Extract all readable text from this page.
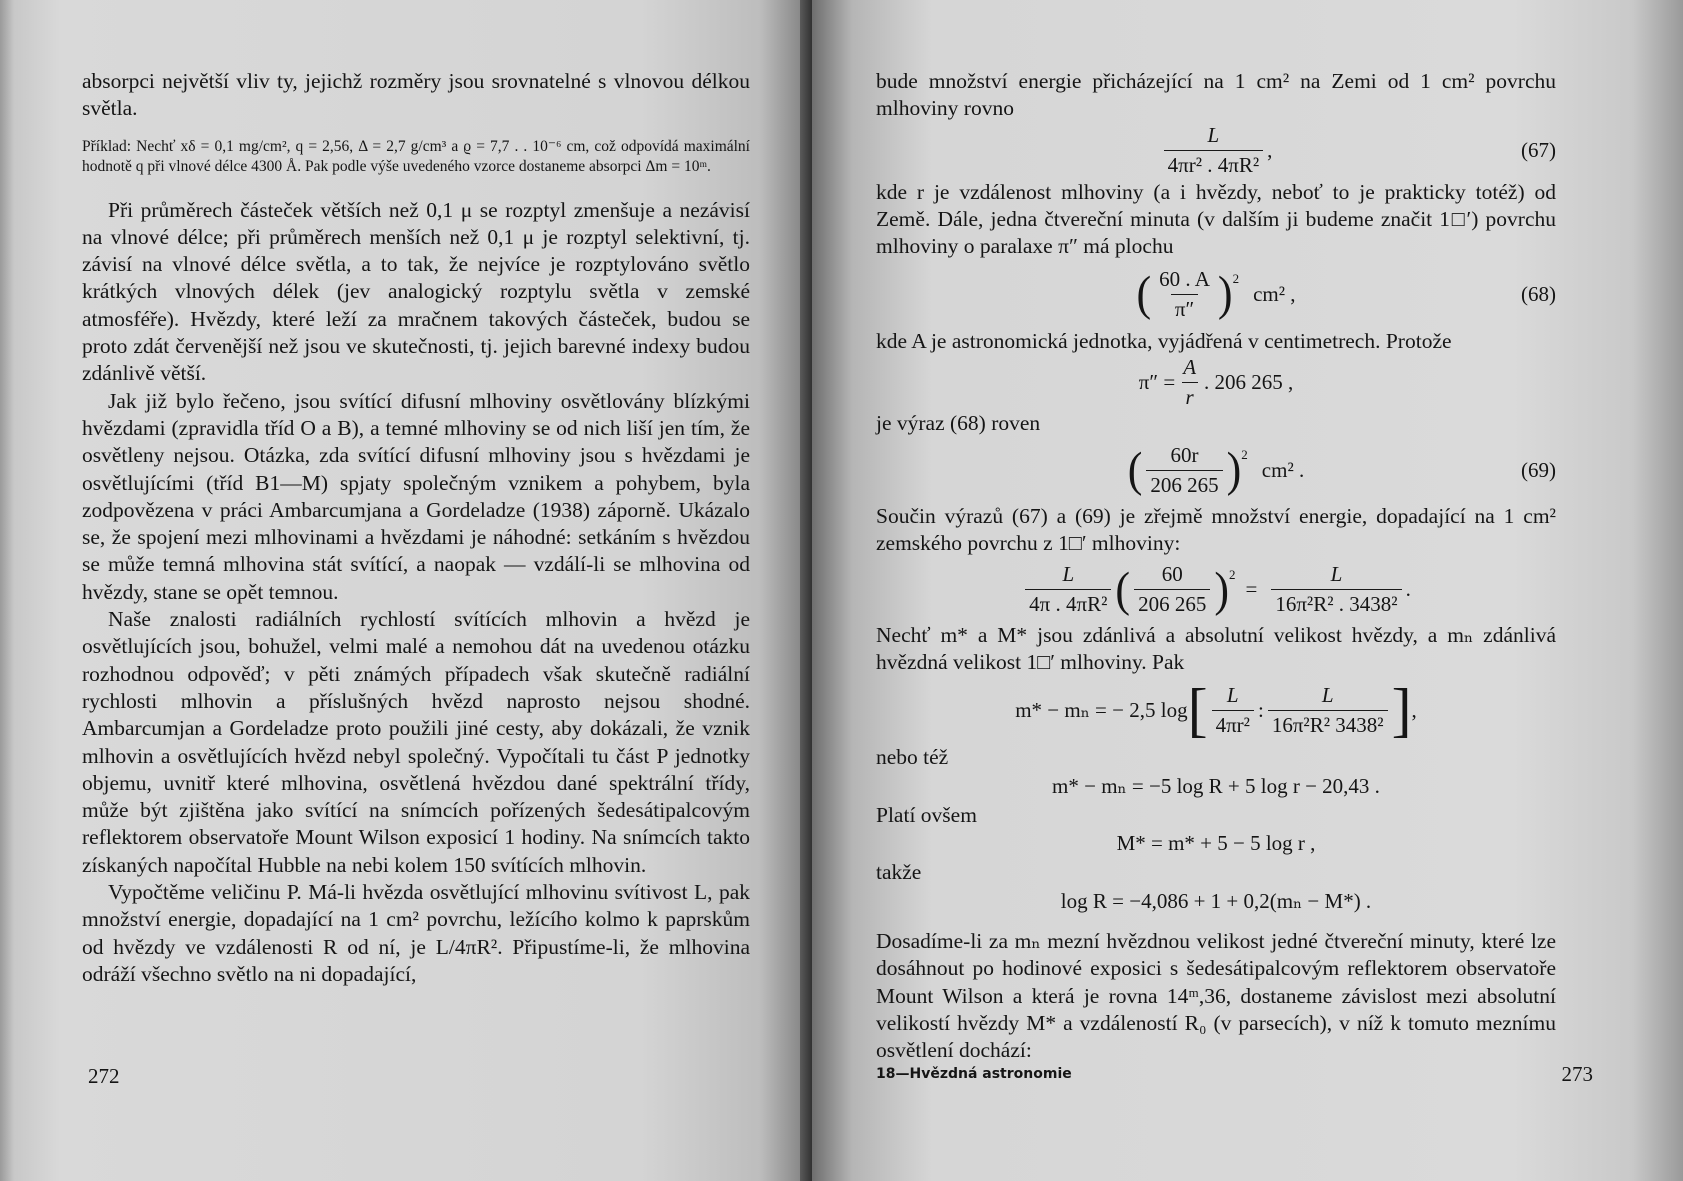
absorpci největší vliv ty, jejichž rozměry jsou srovnatelné s vlnovou délkou světla.

Příklad: Nechť xδ = 0,1 mg/cm², q = 2,56, Δ = 2,7 g/cm³ a ϱ = 7,7 . . 10⁻⁶ cm, což odpovídá maximální hodnotě q při vlnové délce 4300 Å. Pak podle výše uvedeného vzorce dostaneme absorpci Δm = 10ᵐ.

Při průměrech částeček větších než 0,1 μ se rozptyl zmenšuje a nezávisí na vlnové délce; při průměrech menších než 0,1 μ je rozptyl selektivní, tj. závisí na vlnové délce světla, a to tak, že nejvíce je rozptylováno světlo krátkých vlnových délek (jev analogický rozptylu světla v zemské atmosféře). Hvězdy, které leží za mračnem takových částeček, budou se proto zdát červenější než jsou ve skutečnosti, tj. jejich barevné indexy budou zdánlivě větší.

Jak již bylo řečeno, jsou svítící difusní mlhoviny osvětlovány blízkými hvězdami (zpravidla tříd O a B), a temné mlhoviny se od nich liší jen tím, že osvětleny nejsou. Otázka, zda svítící difusní mlhoviny jsou s hvězdami je osvětlujícími (tříd B1—M) spjaty společným vznikem a pohybem, byla zodpovězena v práci Ambarcumjana a Gordeladze (1938) záporně. Ukázalo se, že spojení mezi mlhovinami a hvězdami je náhodné: setkáním s hvězdou se může temná mlhovina stát svítící, a naopak — vzdálí-li se mlhovina od hvězdy, stane se opět temnou.

Naše znalosti radiálních rychlostí svítících mlhovin a hvězd je osvětlujících jsou, bohužel, velmi malé a nemohou dát na uvedenou otázku rozhodnou odpověď; v pěti známých případech však skutečně radiální rychlosti mlhovin a příslušných hvězd naprosto nejsou shodné. Ambarcumjan a Gordeladze proto použili jiné cesty, aby dokázali, že vznik mlhovin a osvětlujících hvězd nebyl společný. Vypočítali tu část P jednotky objemu, uvnitř které mlhovina, osvětlená hvězdou dané spektrální třídy, může být zjištěna jako svítící na snímcích pořízených šedesátipalcovým reflektorem observatoře Mount Wilson exposicí 1 hodiny. Na snímcích takto získaných napočítal Hubble na nebi kolem 150 svítících mlhovin.

Vypočtěme veličinu P. Má-li hvězda osvětlující mlhovinu svítivost L, pak množství energie, dopadající na 1 cm² povrchu, ležícího kolmo k paprskům od hvězdy ve vzdálenosti R od ní, je L/4πR². Připustíme-li, že mlhovina odráží všechno světlo na ni dopadající,

272

bude množství energie přicházející na 1 cm² na Zemi od 1 cm² povrchu mlhoviny rovno

$\frac{L}{\text{4πr² . 4πR²}}$ ,	(67)

kde r je vzdálenost mlhoviny (a i hvězdy, neboť to je prakticky totéž) od Země. Dále, jedna čtvereční minuta (v dalším ji budeme značit 1□′) povrchu mlhoviny o paralaxe π″ má plochu

( $\frac{60 . A}{\pi''}$ ) 2
cm² ,	(68)

kde A je astronomická jednotka, vyjádřená v centimetrech. Protože

$\pi'' = \frac{A}{r}$ . 206 265 ,

je výraz (68) roven

( $\frac{60r}{206 265}$ ) 2
cm² .	(69)

Součin výrazů (67) a (69) je zřejmě množství energie, dopadající na 1 cm² zemského povrchu z 1□′ mlhoviny:

$\frac{L}{\text{4π . 4πR²}}$ ( $\frac{60}{206 265}$ ) 2
= $\frac{L}{\text{16π²R² . 3438²}}$ .

Nechť m* a M* jsou zdánlivá a absolutní velikost hvězdy, a mₙ zdánlivá hvězdná velikost 1□′ mlhoviny. Pak

m* − mₙ = − 2,5 log [ $\frac{L}{\text{4πr²}}$ : $\frac{L}{\text{16π²R² 3438²}}$ ] ,

nebo též

m* − mₙ = −5 log R + 5 log r − 20,43 .

Platí ovšem

M* = m* + 5 − 5 log r ,

takže

log R = −4,086 + 1 + 0,2(mₙ − M*) .

Dosadíme-li za mₙ mezní hvězdnou velikost jedné čtvereční minuty, které lze dosáhnout po hodinové exposici s šedesátipalcovým reflektorem observatoře Mount Wilson a která je rovna 14ᵐ,36, dostaneme závislost mezi absolutní velikostí hvězdy M* a vzdáleností R₀ (v parsecích), v níž k tomuto meznímu osvětlení dochází:

18—Hvězdná astronomie	273
